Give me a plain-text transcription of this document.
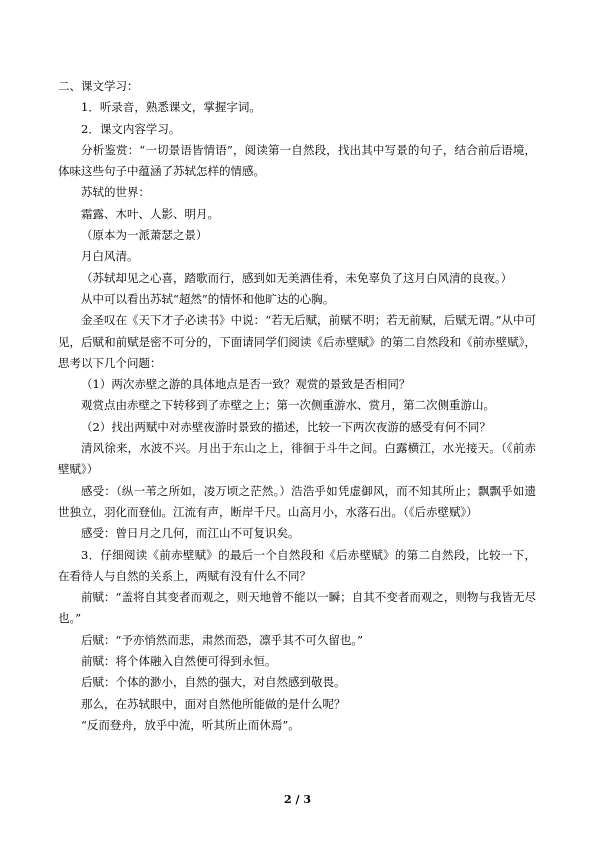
二、课文学习：

1．听录音，熟悉课文，掌握字词。

2．课文内容学习。

分析鉴赏：“一切景语皆情语”，阅读第一自然段，找出其中写景的句子，结合前后语境，体味这些句子中蕴涵了苏轼怎样的情感。

苏轼的世界：

霜露、木叶、人影、明月。

（原本为一派萧瑟之景）

月白风清。

（苏轼却见之心喜，踏歌而行，感到如无美酒佳肴，未免辜负了这月白风清的良夜。）

从中可以看出苏轼“超然”的情怀和他旷达的心胸。

金圣叹在《天下才子必读书》中说：“若无后赋，前赋不明；若无前赋，后赋无谓。”从中可见，后赋和前赋是密不可分的，下面请同学们阅读《后赤壁赋》的第二自然段和《前赤壁赋》，思考以下几个问题：

（1）两次赤壁之游的具体地点是否一致？观赏的景致是否相同？

观赏点由赤壁之下转移到了赤壁之上；第一次侧重游水、赏月，第二次侧重游山。

（2）找出两赋中对赤壁夜游时景致的描述，比较一下两次夜游的感受有何不同？

清风徐来，水波不兴。月出于东山之上，徘徊于斗牛之间。白露横江，水光接天。（《前赤壁赋》）

感受：（纵一苇之所如，凌万顷之茫然。）浩浩乎如凭虚御风，而不知其所止；飘飘乎如遗世独立，羽化而登仙。江流有声，断岸千尺。山高月小，水落石出。（《后赤壁赋》）

感受：曾日月之几何，而江山不可复识矣。

3．仔细阅读《前赤壁赋》的最后一个自然段和《后赤壁赋》的第二自然段，比较一下，在看待人与自然的关系上，两赋有没有什么不同？

前赋：“盖将自其变者而观之，则天地曾不能以一瞬；自其不变者而观之，则物与我皆无尽也。”

后赋：“予亦悄然而悲，肃然而恐，凛乎其不可久留也。”

前赋：将个体融入自然便可得到永恒。

后赋：个体的渺小，自然的强大，对自然感到敬畏。

那么，在苏轼眼中，面对自然他所能做的是什么呢？

“反而登舟，放乎中流，听其所止而休焉”。

2 / 3
